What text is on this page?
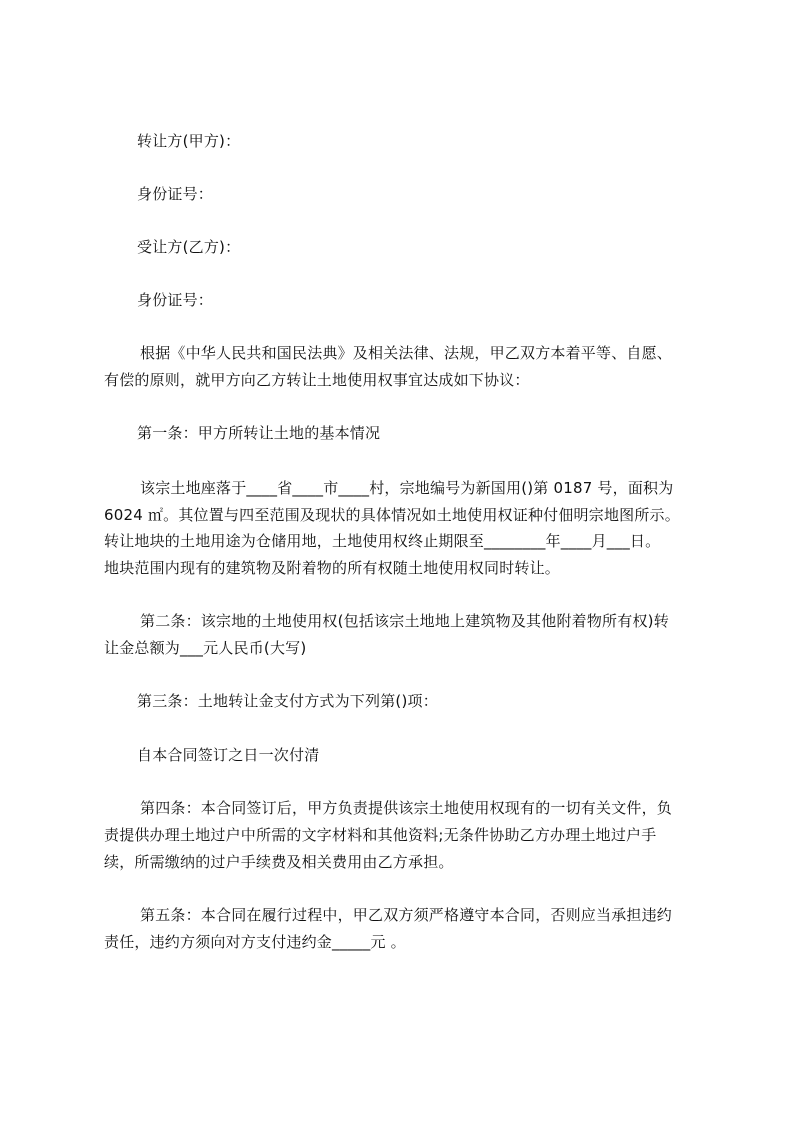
转让方(甲方)：
身份证号：
受让方(乙方)：
身份证号：
根据《中华人民共和国民法典》及相关法律、法规，甲乙双方本着平等、自愿、
有偿的原则，就甲方向乙方转让土地使用权事宜达成如下协议：
第一条：甲方所转让土地的基本情况
该宗土地座落于____省____市____村，宗地编号为新国用()第 0187 号，面积为
6024 ㎡。其位置与四至范围及现状的具体情况如土地使用权证种付佃明宗地图所示。
转让地块的土地用途为仓储用地，土地使用权终止期限至________年____月___日。
地块范围内现有的建筑物及附着物的所有权随土地使用权同时转让。
第二条：该宗地的土地使用权(包括该宗土地地上建筑物及其他附着物所有权)转
让金总额为___元人民币(大写)
第三条：土地转让金支付方式为下列第()项：
自本合同签订之日一次付清
第四条：本合同签订后，甲方负责提供该宗土地使用权现有的一切有关文件，负
责提供办理土地过户中所需的文字材料和其他资料;无条件协助乙方办理土地过户手
续，所需缴纳的过户手续费及相关费用由乙方承担。
第五条：本合同在履行过程中，甲乙双方须严格遵守本合同，否则应当承担违约
责任，违约方须向对方支付违约金_____元 。
